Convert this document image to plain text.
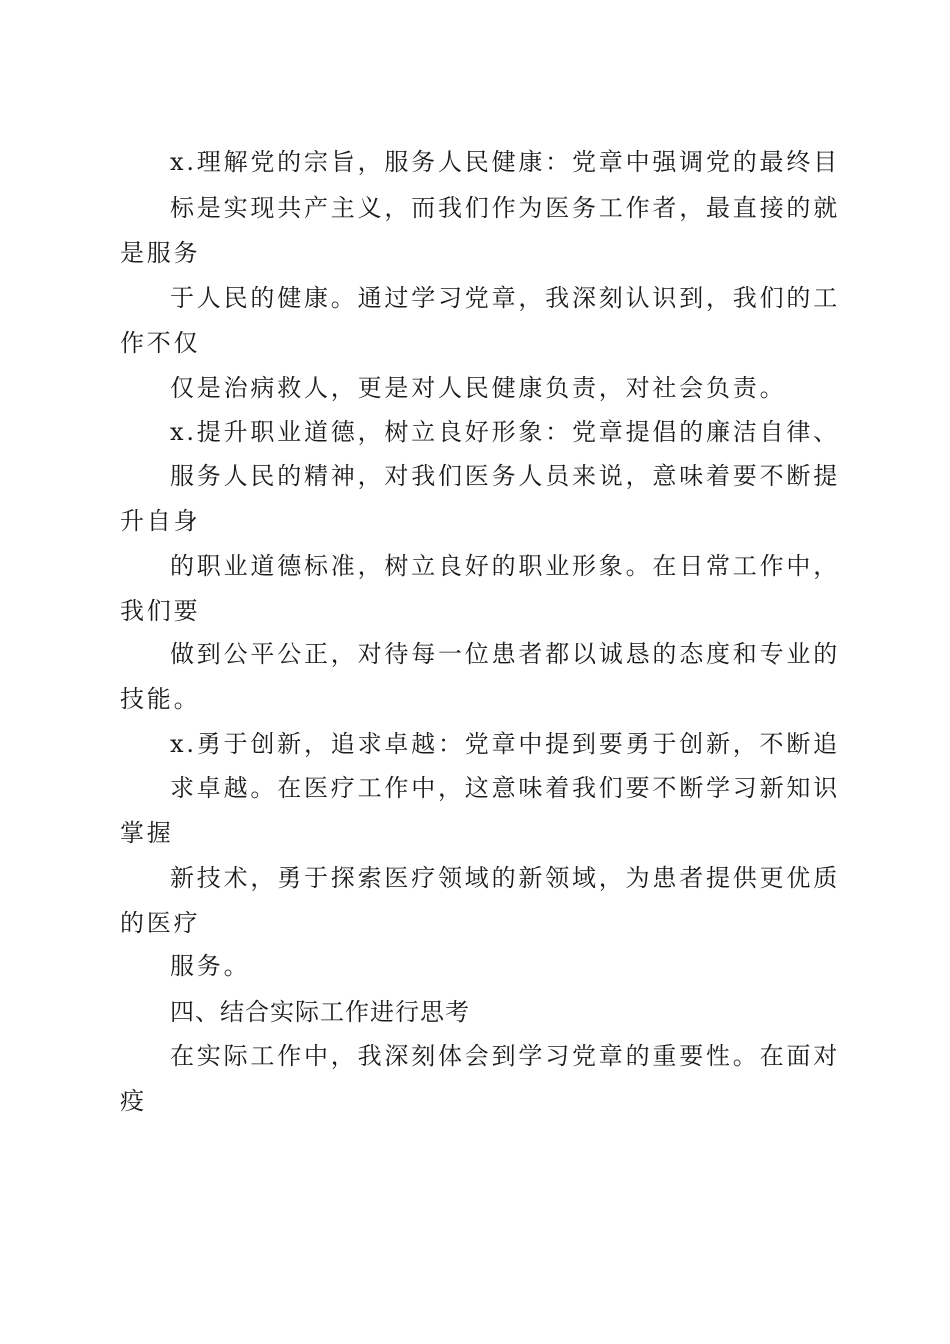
x.理解党的宗旨，服务人民健康：党章中强调党的最终目
标是实现共产主义，而我们作为医务工作者，最直接的就
是服务
于人民的健康。通过学习党章，我深刻认识到，我们的工
作不仅
仅是治病救人，更是对人民健康负责，对社会负责。
x.提升职业道德，树立良好形象：党章提倡的廉洁自律、
服务人民的精神，对我们医务人员来说，意味着要不断提
升自身
的职业道德标准，树立良好的职业形象。在日常工作中，
我们要
做到公平公正，对待每一位患者都以诚恳的态度和专业的
技能。
x.勇于创新，追求卓越：党章中提到要勇于创新，不断追
求卓越。在医疗工作中，这意味着我们要不断学习新知识
掌握
新技术，勇于探索医疗领域的新领域，为患者提供更优质
的医疗
服务。
四、结合实际工作进行思考
在实际工作中，我深刻体会到学习党章的重要性。在面对
疫
